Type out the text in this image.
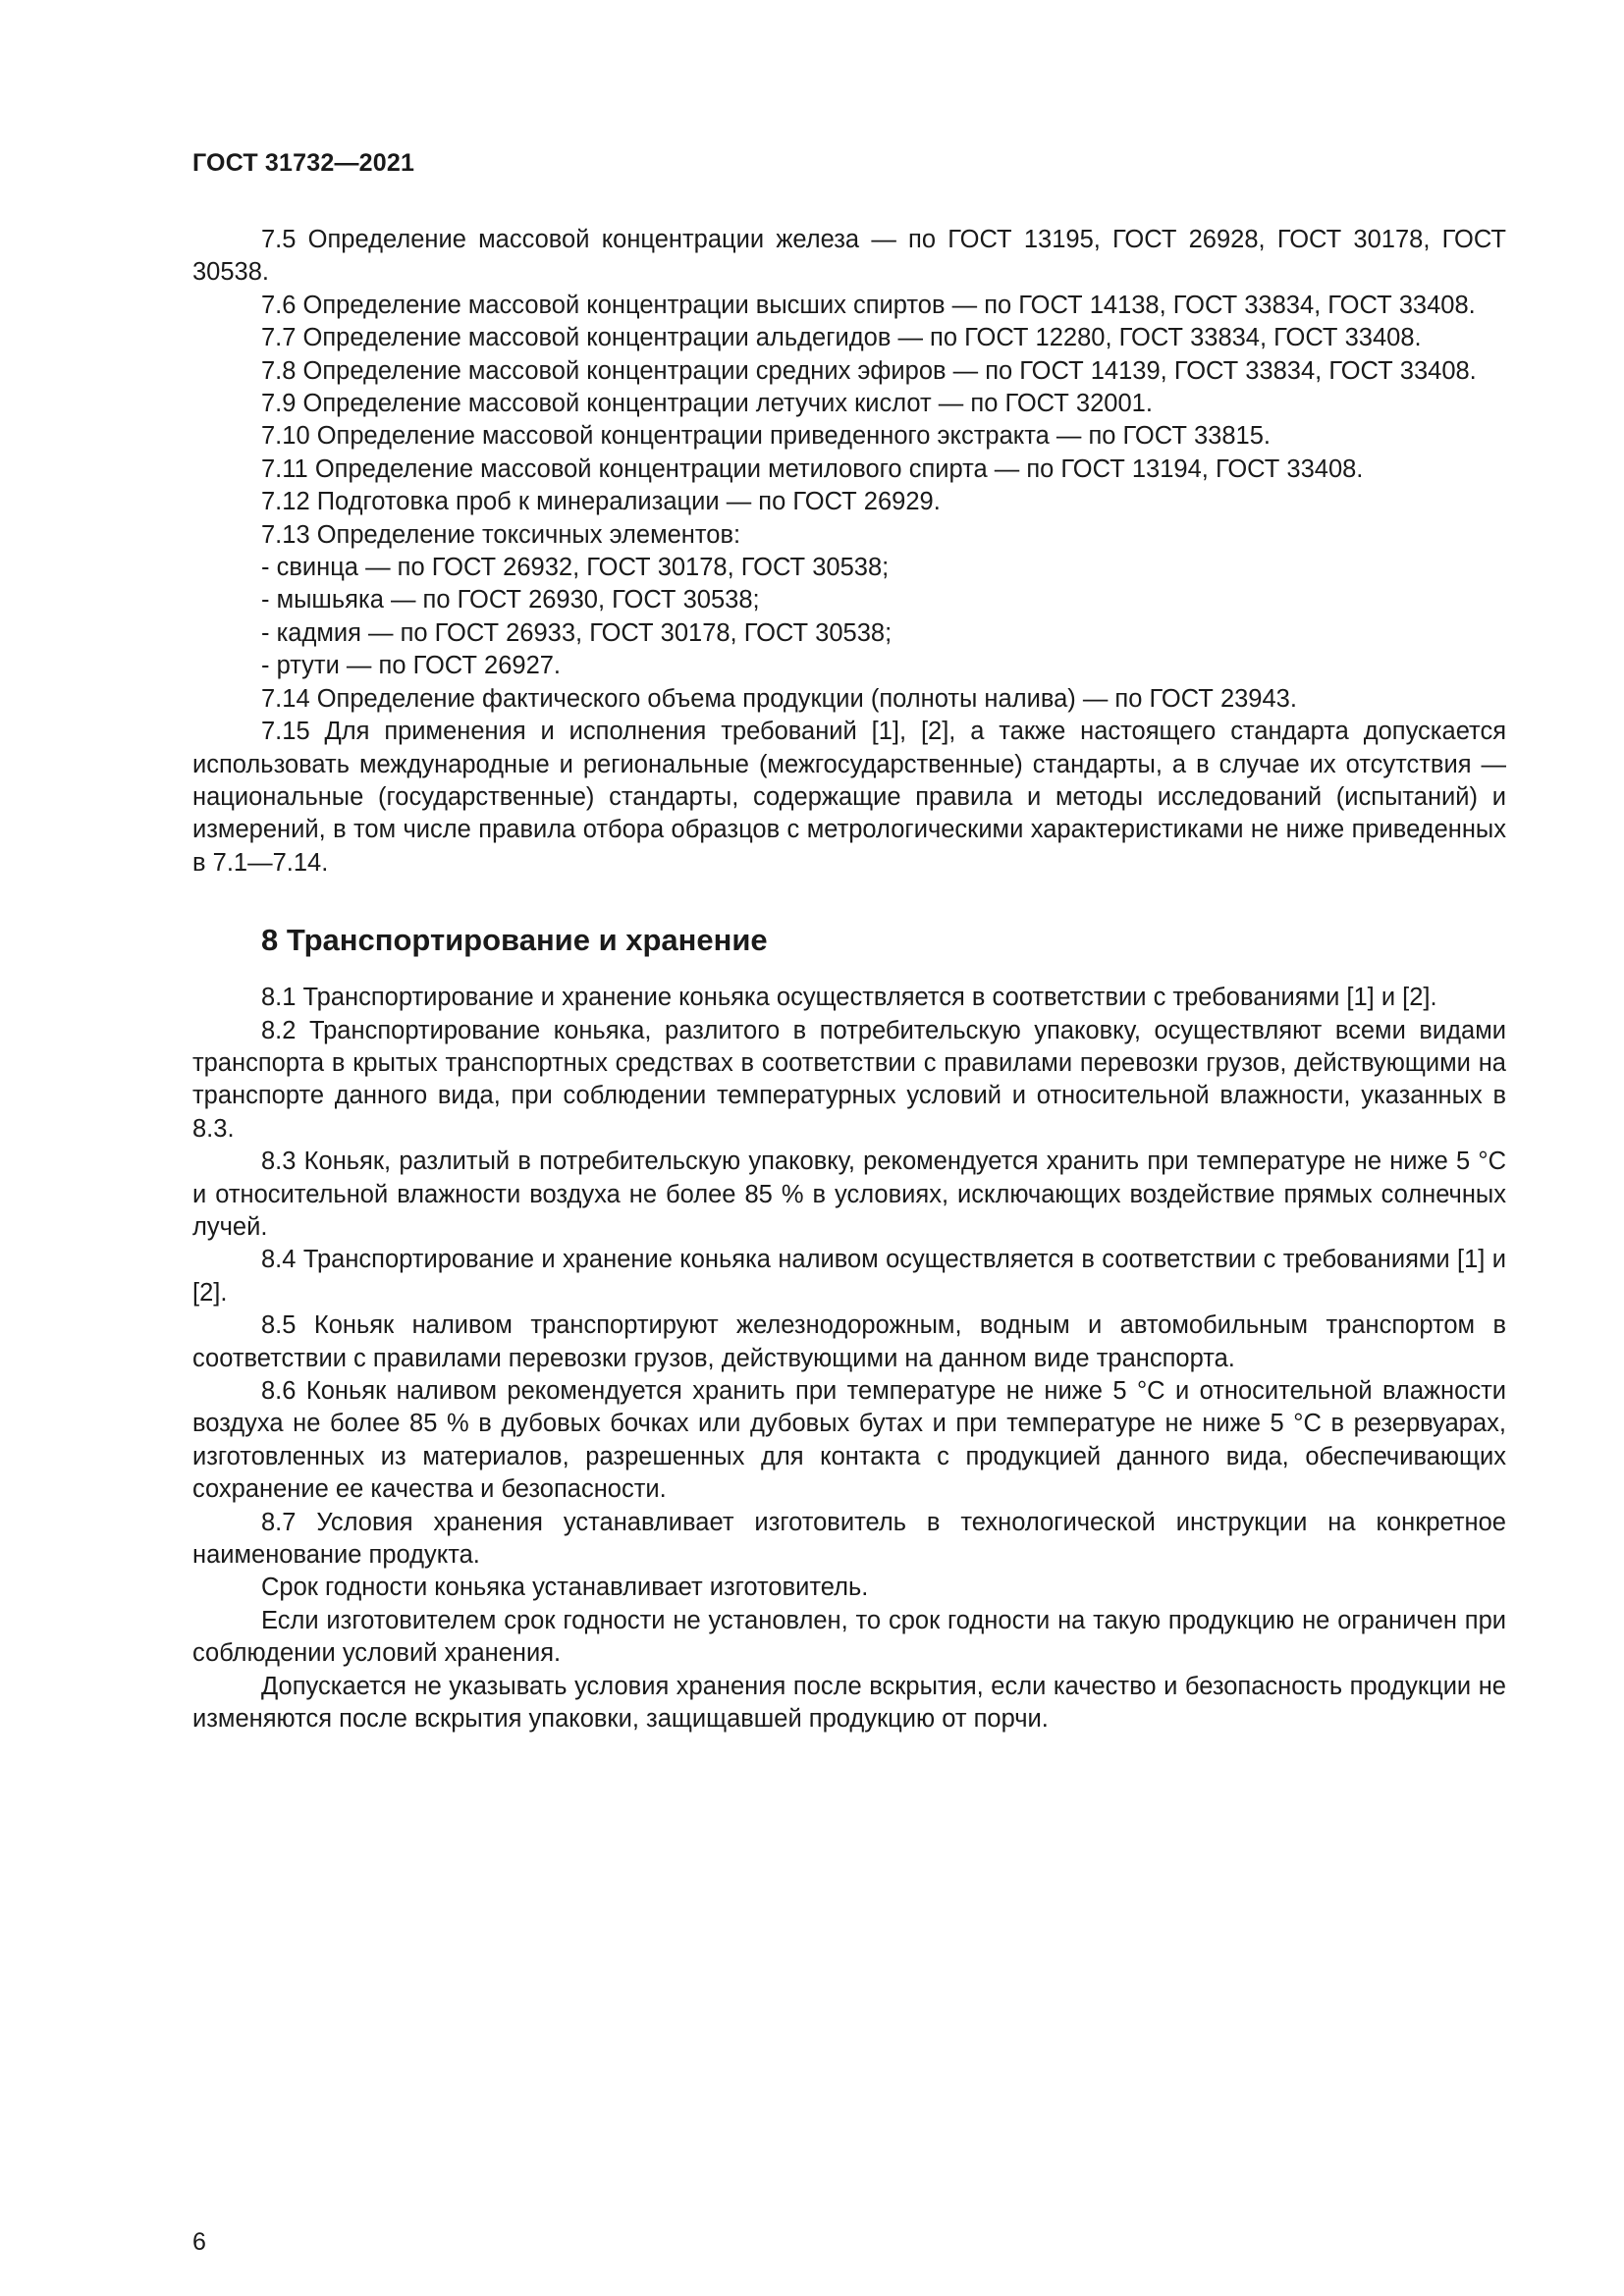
ГОСТ 31732—2021

7.5 Определение массовой концентрации железа — по ГОСТ 13195, ГОСТ 26928, ГОСТ 30178, ГОСТ 30538.

7.6 Определение массовой концентрации высших спиртов — по ГОСТ 14138, ГОСТ 33834, ГОСТ 33408.

7.7 Определение массовой концентрации альдегидов — по ГОСТ 12280, ГОСТ 33834, ГОСТ 33408.

7.8 Определение массовой концентрации средних эфиров — по ГОСТ 14139, ГОСТ 33834, ГОСТ 33408.

7.9 Определение массовой концентрации летучих кислот — по ГОСТ 32001.

7.10 Определение массовой концентрации приведенного экстракта — по ГОСТ 33815.

7.11 Определение массовой концентрации метилового спирта — по ГОСТ 13194, ГОСТ 33408.

7.12 Подготовка проб к минерализации — по ГОСТ 26929.

7.13 Определение токсичных элементов:

- свинца — по ГОСТ 26932, ГОСТ 30178, ГОСТ 30538;

- мышьяка — по ГОСТ 26930, ГОСТ 30538;

- кадмия — по ГОСТ 26933, ГОСТ 30178, ГОСТ 30538;

- ртути — по ГОСТ 26927.

7.14 Определение фактического объема продукции (полноты налива) — по ГОСТ 23943.

7.15 Для применения и исполнения требований [1], [2], а также настоящего стандарта допускается использовать международные и региональные (межгосударственные) стандарты, а в случае их отсутствия — национальные (государственные) стандарты, содержащие правила и методы исследований (испытаний) и измерений, в том числе правила отбора образцов с метрологическими характеристиками не ниже приведенных в 7.1—7.14.

8 Транспортирование и хранение

8.1 Транспортирование и хранение коньяка осуществляется в соответствии с требованиями [1] и [2].

8.2 Транспортирование коньяка, разлитого в потребительскую упаковку, осуществляют всеми видами транспорта в крытых транспортных средствах в соответствии с правилами перевозки грузов, действующими на транспорте данного вида, при соблюдении температурных условий и относительной влажности, указанных в 8.3.

8.3 Коньяк, разлитый в потребительскую упаковку, рекомендуется хранить при температуре не ниже 5 °С и относительной влажности воздуха не более 85 % в условиях, исключающих воздействие прямых солнечных лучей.

8.4 Транспортирование и хранение коньяка наливом осуществляется в соответствии с требованиями [1] и [2].

8.5 Коньяк наливом транспортируют железнодорожным, водным и автомобильным транспортом в соответствии с правилами перевозки грузов, действующими на данном виде транспорта.

8.6 Коньяк наливом рекомендуется хранить при температуре не ниже 5 °С и относительной влажности воздуха не более 85 % в дубовых бочках или дубовых бутах и при температуре не ниже 5 °С в резервуарах, изготовленных из материалов, разрешенных для контакта с продукцией данного вида, обеспечивающих сохранение ее качества и безопасности.

8.7 Условия хранения устанавливает изготовитель в технологической инструкции на конкретное наименование продукта.

Срок годности коньяка устанавливает изготовитель.

Если изготовителем срок годности не установлен, то срок годности на такую продукцию не ограничен при соблюдении условий хранения.

Допускается не указывать условия хранения после вскрытия, если качество и безопасность продукции не изменяются после вскрытия упаковки, защищавшей продукцию от порчи.

6
